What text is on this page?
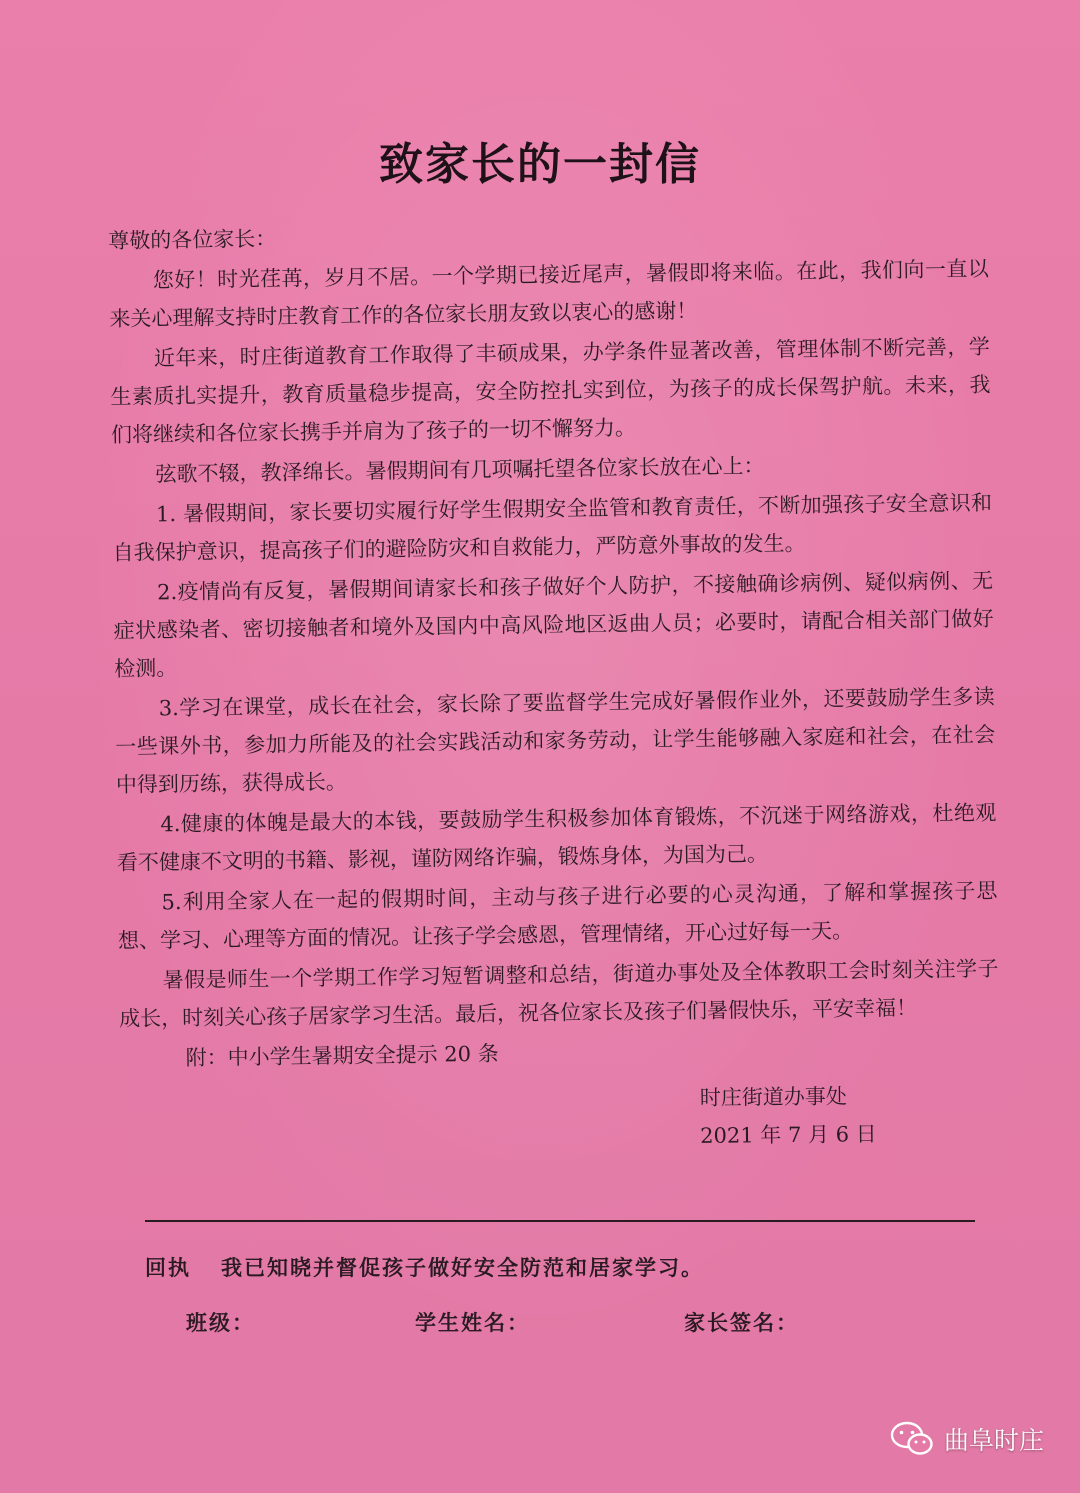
致家长的一封信

尊敬的各位家长：

您好！时光荏苒，岁月不居。一个学期已接近尾声，暑假即将来临。在此，我们向一直以来关心理解支持时庄教育工作的各位家长朋友致以衷心的感谢！

近年来，时庄街道教育工作取得了丰硕成果，办学条件显著改善，管理体制不断完善，学生素质扎实提升，教育质量稳步提高，安全防控扎实到位，为孩子的成长保驾护航。未来，我们将继续和各位家长携手并肩为了孩子的一切不懈努力。

弦歌不辍，教泽绵长。暑假期间有几项嘱托望各位家长放在心上：

1. 暑假期间，家长要切实履行好学生假期安全监管和教育责任，不断加强孩子安全意识和自我保护意识，提高孩子们的避险防灾和自救能力，严防意外事故的发生。

2.疫情尚有反复，暑假期间请家长和孩子做好个人防护，不接触确诊病例、疑似病例、无症状感染者、密切接触者和境外及国内中高风险地区返曲人员；必要时，请配合相关部门做好检测。

3.学习在课堂，成长在社会，家长除了要监督学生完成好暑假作业外，还要鼓励学生多读一些课外书，参加力所能及的社会实践活动和家务劳动，让学生能够融入家庭和社会，在社会中得到历练，获得成长。

4.健康的体魄是最大的本钱，要鼓励学生积极参加体育锻炼，不沉迷于网络游戏，杜绝观看不健康不文明的书籍、影视，谨防网络诈骗，锻炼身体，为国为己。

5.利用全家人在一起的假期时间，主动与孩子进行必要的心灵沟通，了解和掌握孩子思想、学习、心理等方面的情况。让孩子学会感恩，管理情绪，开心过好每一天。

暑假是师生一个学期工作学习短暂调整和总结，街道办事处及全体教职工会时刻关注学子成长，时刻关心孩子居家学习生活。最后，祝各位家长及孩子们暑假快乐，平安幸福！

附：中小学生暑期安全提示 20 条

时庄街道办事处
2021 年 7 月 6 日
回执 我已知晓并督促孩子做好安全防范和居家学习。
班级：	学生姓名：	家长签名：
曲阜时庄
